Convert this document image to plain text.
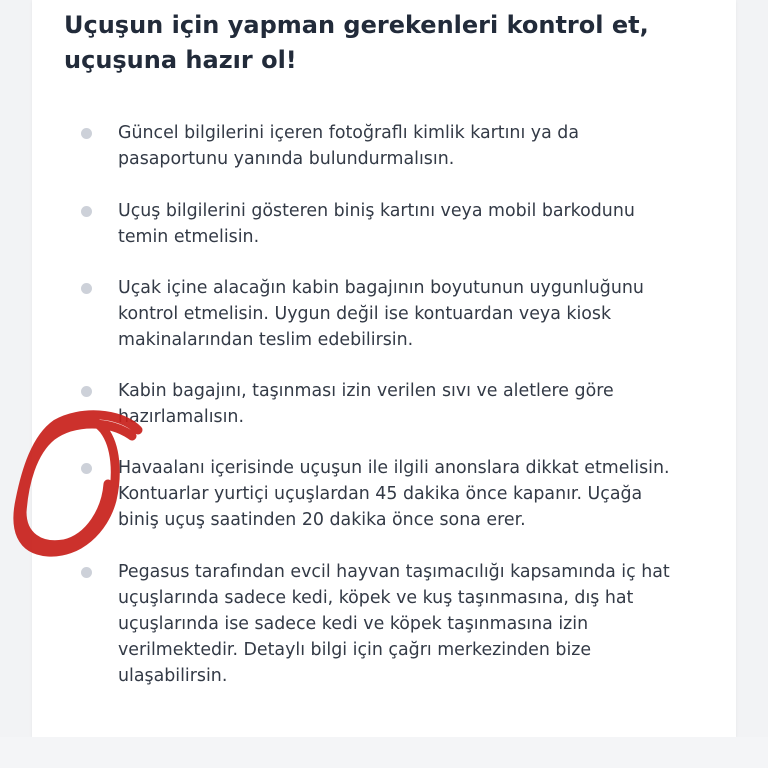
Uçuşun için yapman gerekenleri kontrol et,
uçuşuna hazır ol!
Güncel bilgilerini içeren fotoğraflı kimlik kartını ya da
pasaportunu yanında bulundurmalısın.
Uçuş bilgilerini gösteren biniş kartını veya mobil barkodunu
temin etmelisin.
Uçak içine alacağın kabin bagajının boyutunun uygunluğunu
kontrol etmelisin. Uygun değil ise kontuardan veya kiosk
makinalarından teslim edebilirsin.
Kabin bagajını, taşınması izin verilen sıvı ve aletlere göre
hazırlamalısın.
Havaalanı içerisinde uçuşun ile ilgili anonslara dikkat etmelisin.
Kontuarlar yurtiçi uçuşlardan 45 dakika önce kapanır. Uçağa
biniş uçuş saatinden 20 dakika önce sona erer.
Pegasus tarafından evcil hayvan taşımacılığı kapsamında iç hat
uçuşlarında sadece kedi, köpek ve kuş taşınmasına, dış hat
uçuşlarında ise sadece kedi ve köpek taşınmasına izin
verilmektedir. Detaylı bilgi için çağrı merkezinden bize
ulaşabilirsin.
